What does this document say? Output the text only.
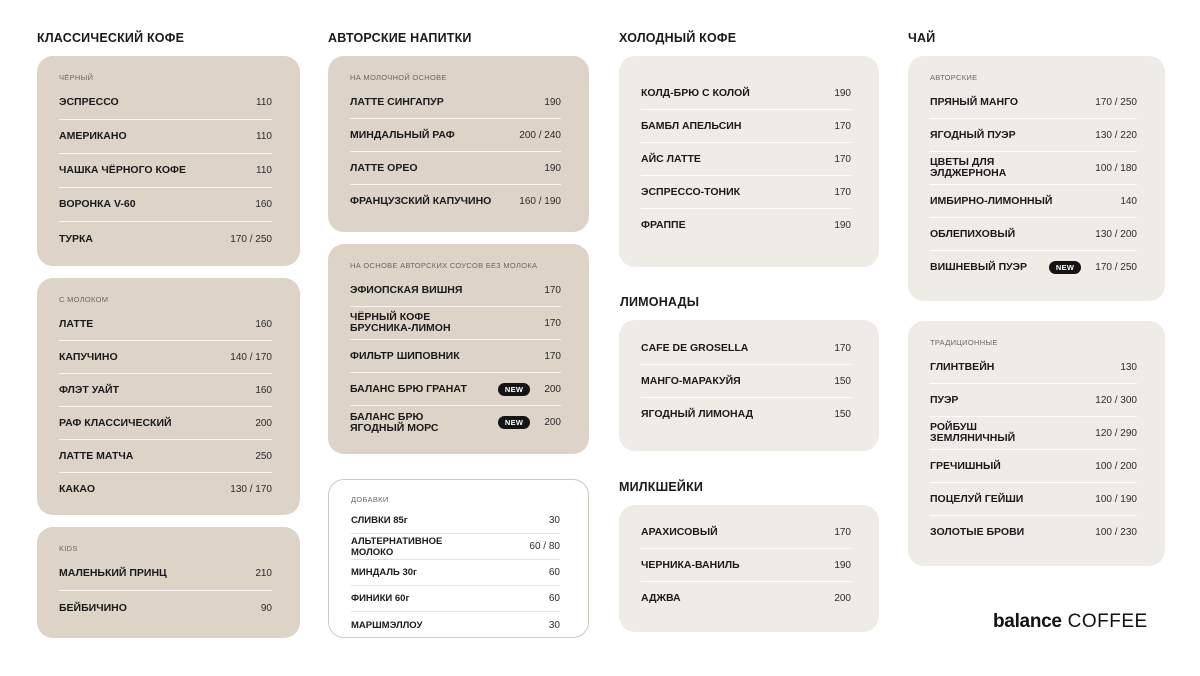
КЛАССИЧЕСКИЙ КОФЕ	АВТОРСКИЕ НАПИТКИ	ХОЛОДНЫЙ КОФЕ	ЧАЙ
ЛИМОНАДЫ
МИЛКШЕЙКИ
ЧЁРНЫЙ
ЭСПРЕССО	110
АМЕРИКАНО	110
ЧАШКА ЧЁРНОГО КОФЕ	110
ВОРОНКА V-60	160
ТУРКА	170 / 250
С МОЛОКОМ
ЛАТТЕ	160
КАПУЧИНО	140 / 170
ФЛЭТ УАЙТ	160
РАФ КЛАССИЧЕСКИЙ	200
ЛАТТЕ МАТЧА	250
КАКАО	130 / 170
KIDS
МАЛЕНЬКИЙ ПРИНЦ	210
БЕЙБИЧИНО	90
НА МОЛОЧНОЙ ОСНОВЕ
ЛАТТЕ СИНГАПУР	190
МИНДАЛЬНЫЙ РАФ	200 / 240
ЛАТТЕ ОРЕО	190
ФРАНЦУЗСКИЙ КАПУЧИНО	160 / 190
НА ОСНОВЕ АВТОРСКИХ СОУСОВ БЕЗ МОЛОКА
ЭФИОПСКАЯ ВИШНЯ	170
ЧЁРНЫЙ КОФЕ
БРУСНИКА-ЛИМОН	170
ФИЛЬТР ШИПОВНИК	170
БАЛАНС БРЮ ГРАНАТ	NEW	200
БАЛАНС БРЮ
ЯГОДНЫЙ МОРС	NEW	200
ДОБАВКИ
СЛИВКИ 85г	30
АЛЬТЕРНАТИВНОЕ
МОЛОКО	60 / 80
МИНДАЛЬ 30г	60
ФИНИКИ 60г	60
МАРШМЭЛЛОУ	30
КОЛД-БРЮ С КОЛОЙ	190
БАМБЛ АПЕЛЬСИН	170
АЙС ЛАТТЕ	170
ЭСПРЕССО-ТОНИК	170
ФРАППЕ	190
CAFE DE GROSELLA	170
МАНГО-МАРАКУЙЯ	150
ЯГОДНЫЙ ЛИМОНАД	150
АРАХИСОВЫЙ	170
ЧЕРНИКА-ВАНИЛЬ	190
АДЖВА	200
АВТОРСКИЕ
ПРЯНЫЙ МАНГО	170 / 250
ЯГОДНЫЙ ПУЭР	130 / 220
ЦВЕТЫ ДЛЯ
ЭЛДЖЕРНОНА	100 / 180
ИМБИРНО-ЛИМОННЫЙ	140
ОБЛЕПИХОВЫЙ	130 / 200
ВИШНЕВЫЙ ПУЭР	NEW	170 / 250
ТРАДИЦИОННЫЕ
ГЛИНТВЕЙН	130
ПУЭР	120 / 300
РОЙБУШ
ЗЕМЛЯНИЧНЫЙ	120 / 290
ГРЕЧИШНЫЙ	100 / 200
ПОЦЕЛУЙ ГЕЙШИ	100 / 190
ЗОЛОТЫЕ БРОВИ	100 / 230
balance COFFEE
